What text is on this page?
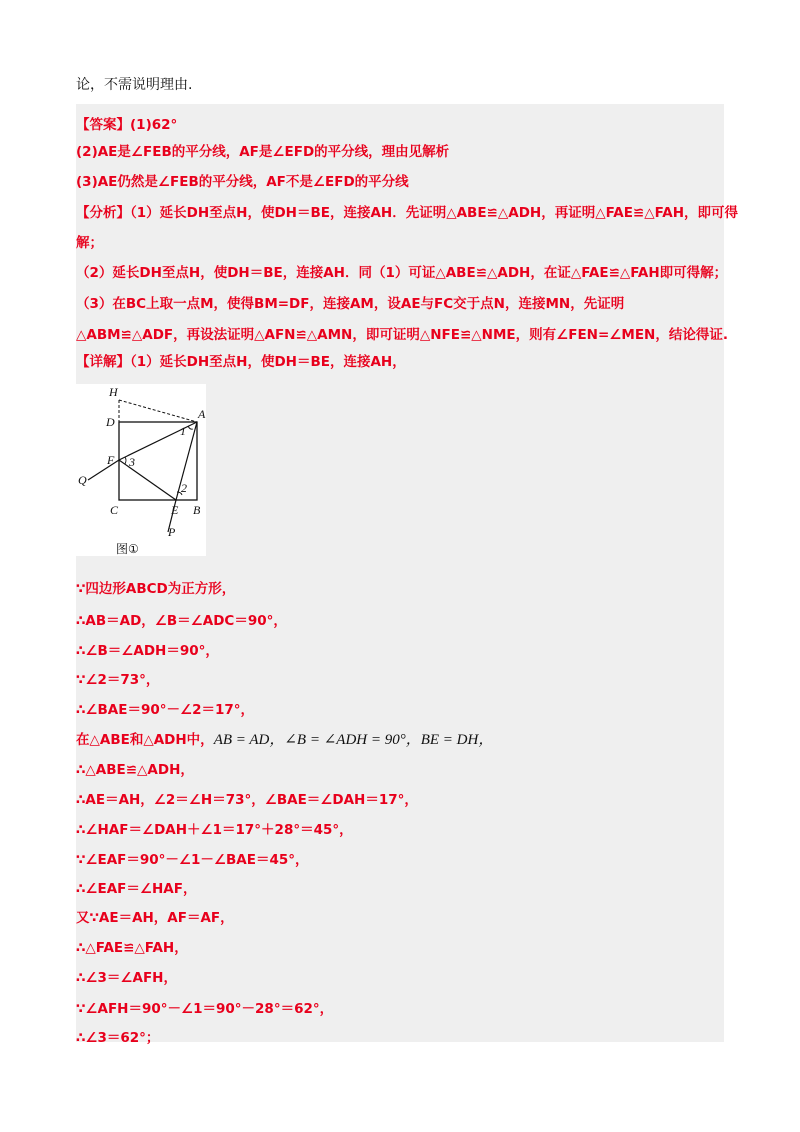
论，不需说明理由.
H
D
A
F
Q
C	E B
P
1
2
3
图①
在△ABE和△ADH中，AB = AD，∠B = ∠ADH = 90°，BE = DH，
【答案】(1)62°
(2)AE是∠FEB的平分线，AF是∠EFD的平分线，理由见解析
(3)AE仍然是∠FEB的平分线，AF不是∠EFD的平分线
【分析】（1）延长DH至点H，使DH＝BE，连接AH．先证明△ABE≌△ADH，再证明△FAE≌△FAH，即可得
解；
（2）延长DH至点H，使DH＝BE，连接AH．同（1）可证△ABE≌△ADH，在证△FAE≌△FAH即可得解；
（3）在BC上取一点M，使得BM=DF，连接AM，设AE与FC交于点N，连接MN，先证明
△ABM≌△ADF，再设法证明△AFN≌△AMN，即可证明△NFE≌△NME，则有∠FEN=∠MEN，结论得证.
【详解】（1）延长DH至点H，使DH＝BE，连接AH，
∵四边形ABCD为正方形，
∴AB＝AD，∠B＝∠ADC＝90°，
∴∠B＝∠ADH＝90°，
∵∠2＝73°，
∴∠BAE＝90°－∠2＝17°，
∴△ABE≌△ADH，
∴AE＝AH，∠2＝∠H＝73°，∠BAE＝∠DAH＝17°，
∴∠HAF＝∠DAH＋∠1＝17°＋28°＝45°，
∵∠EAF＝90°－∠1－∠BAE＝45°，
∴∠EAF＝∠HAF，
又∵AE＝AH，AF＝AF，
∴△FAE≌△FAH，
∴∠3＝∠AFH，
∵∠AFH＝90°－∠1＝90°－28°＝62°，
∴∠3＝62°；
